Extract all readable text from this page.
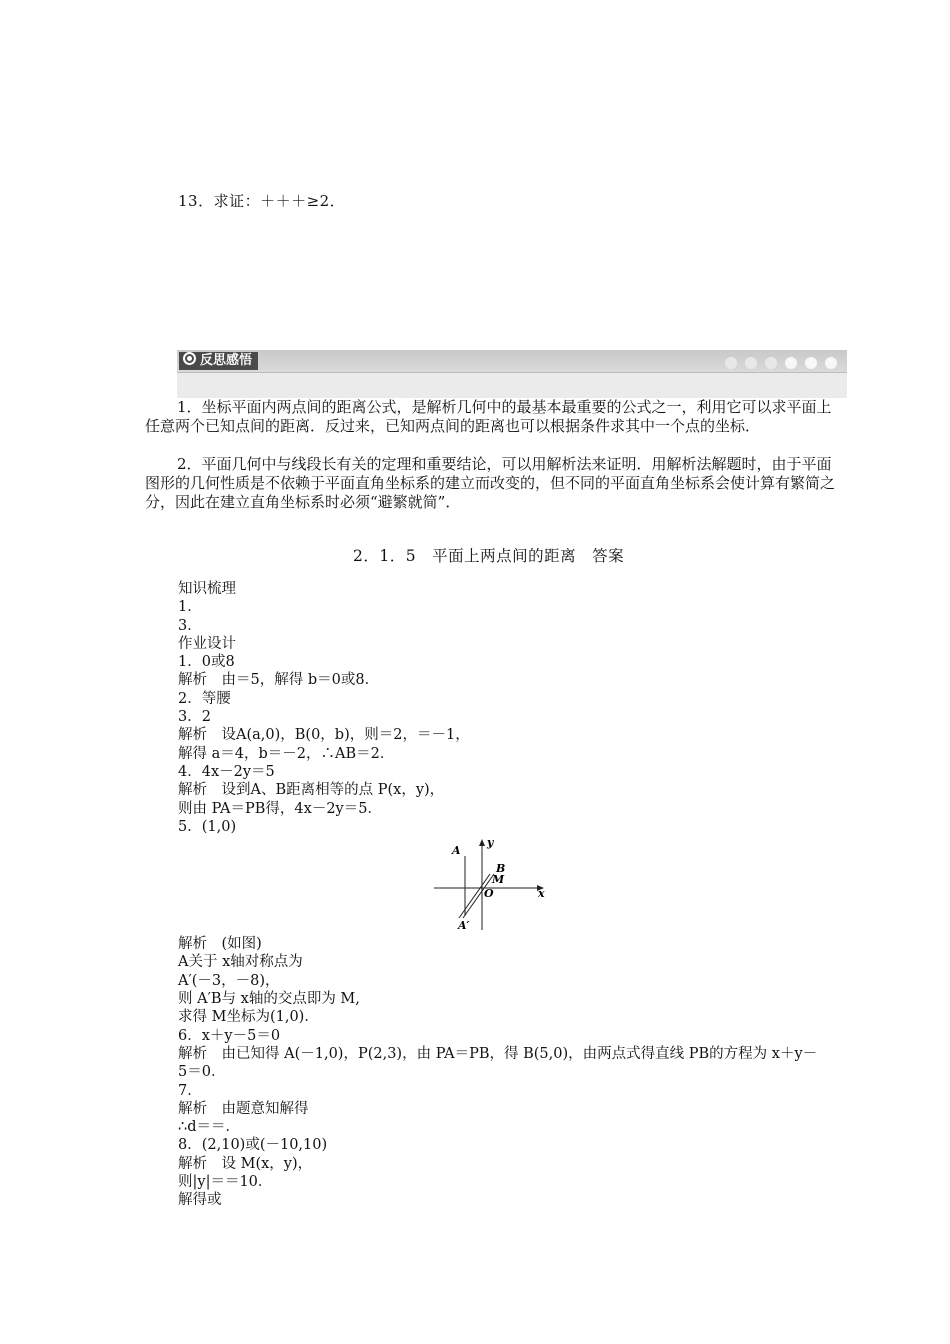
13．求证：＋＋＋≥2．
反思感悟
1．坐标平面内两点间的距离公式，是解析几何中的最基本最重要的公式之一，利用它可以求平面上任意两个已知点间的距离．反过来，已知两点间的距离也可以根据条件求其中一个点的坐标．
2．平面几何中与线段长有关的定理和重要结论，可以用解析法来证明．用解析法解题时，由于平面图形的几何性质是不依赖于平面直角坐标系的建立而改变的，但不同的平面直角坐标系会使计算有繁简之分，因此在建立直角坐标系时必须“避繁就简”．
2．1．5　平面上两点间的距离　答案
知识梳理
1．
3．
作业设计
1．0或8
解析　由＝5，解得 b＝0或8．
2．等腰
3．2
解析　设A(a,0)，B(0，b)，则＝2，＝－1，
解得 a＝4，b＝－2，∴AB＝2．
4．4x－2y＝5
解析　设到A、B距离相等的点 P(x，y)，
则由 PA＝PB得，4x－2y＝5．
5．(1,0)
解析　(如图)
A关于 x轴对称点为
A′(－3，－8)，
则 A′B与 x轴的交点即为 M,
求得 M坐标为(1,0)．
6．x＋y－5＝0
解析　由已知得 A(－1,0)，P(2,3)，由 PA＝PB，得 B(5,0)，由两点式得直线 PB的方程为 x＋y－5＝0．
7．
解析　由题意知解得
∴d＝＝．
8．(2,10)或(－10,10)
解析　设 M(x，y)，
则|y|＝＝10．
解得或
A
y
B
M
O	x
A′
